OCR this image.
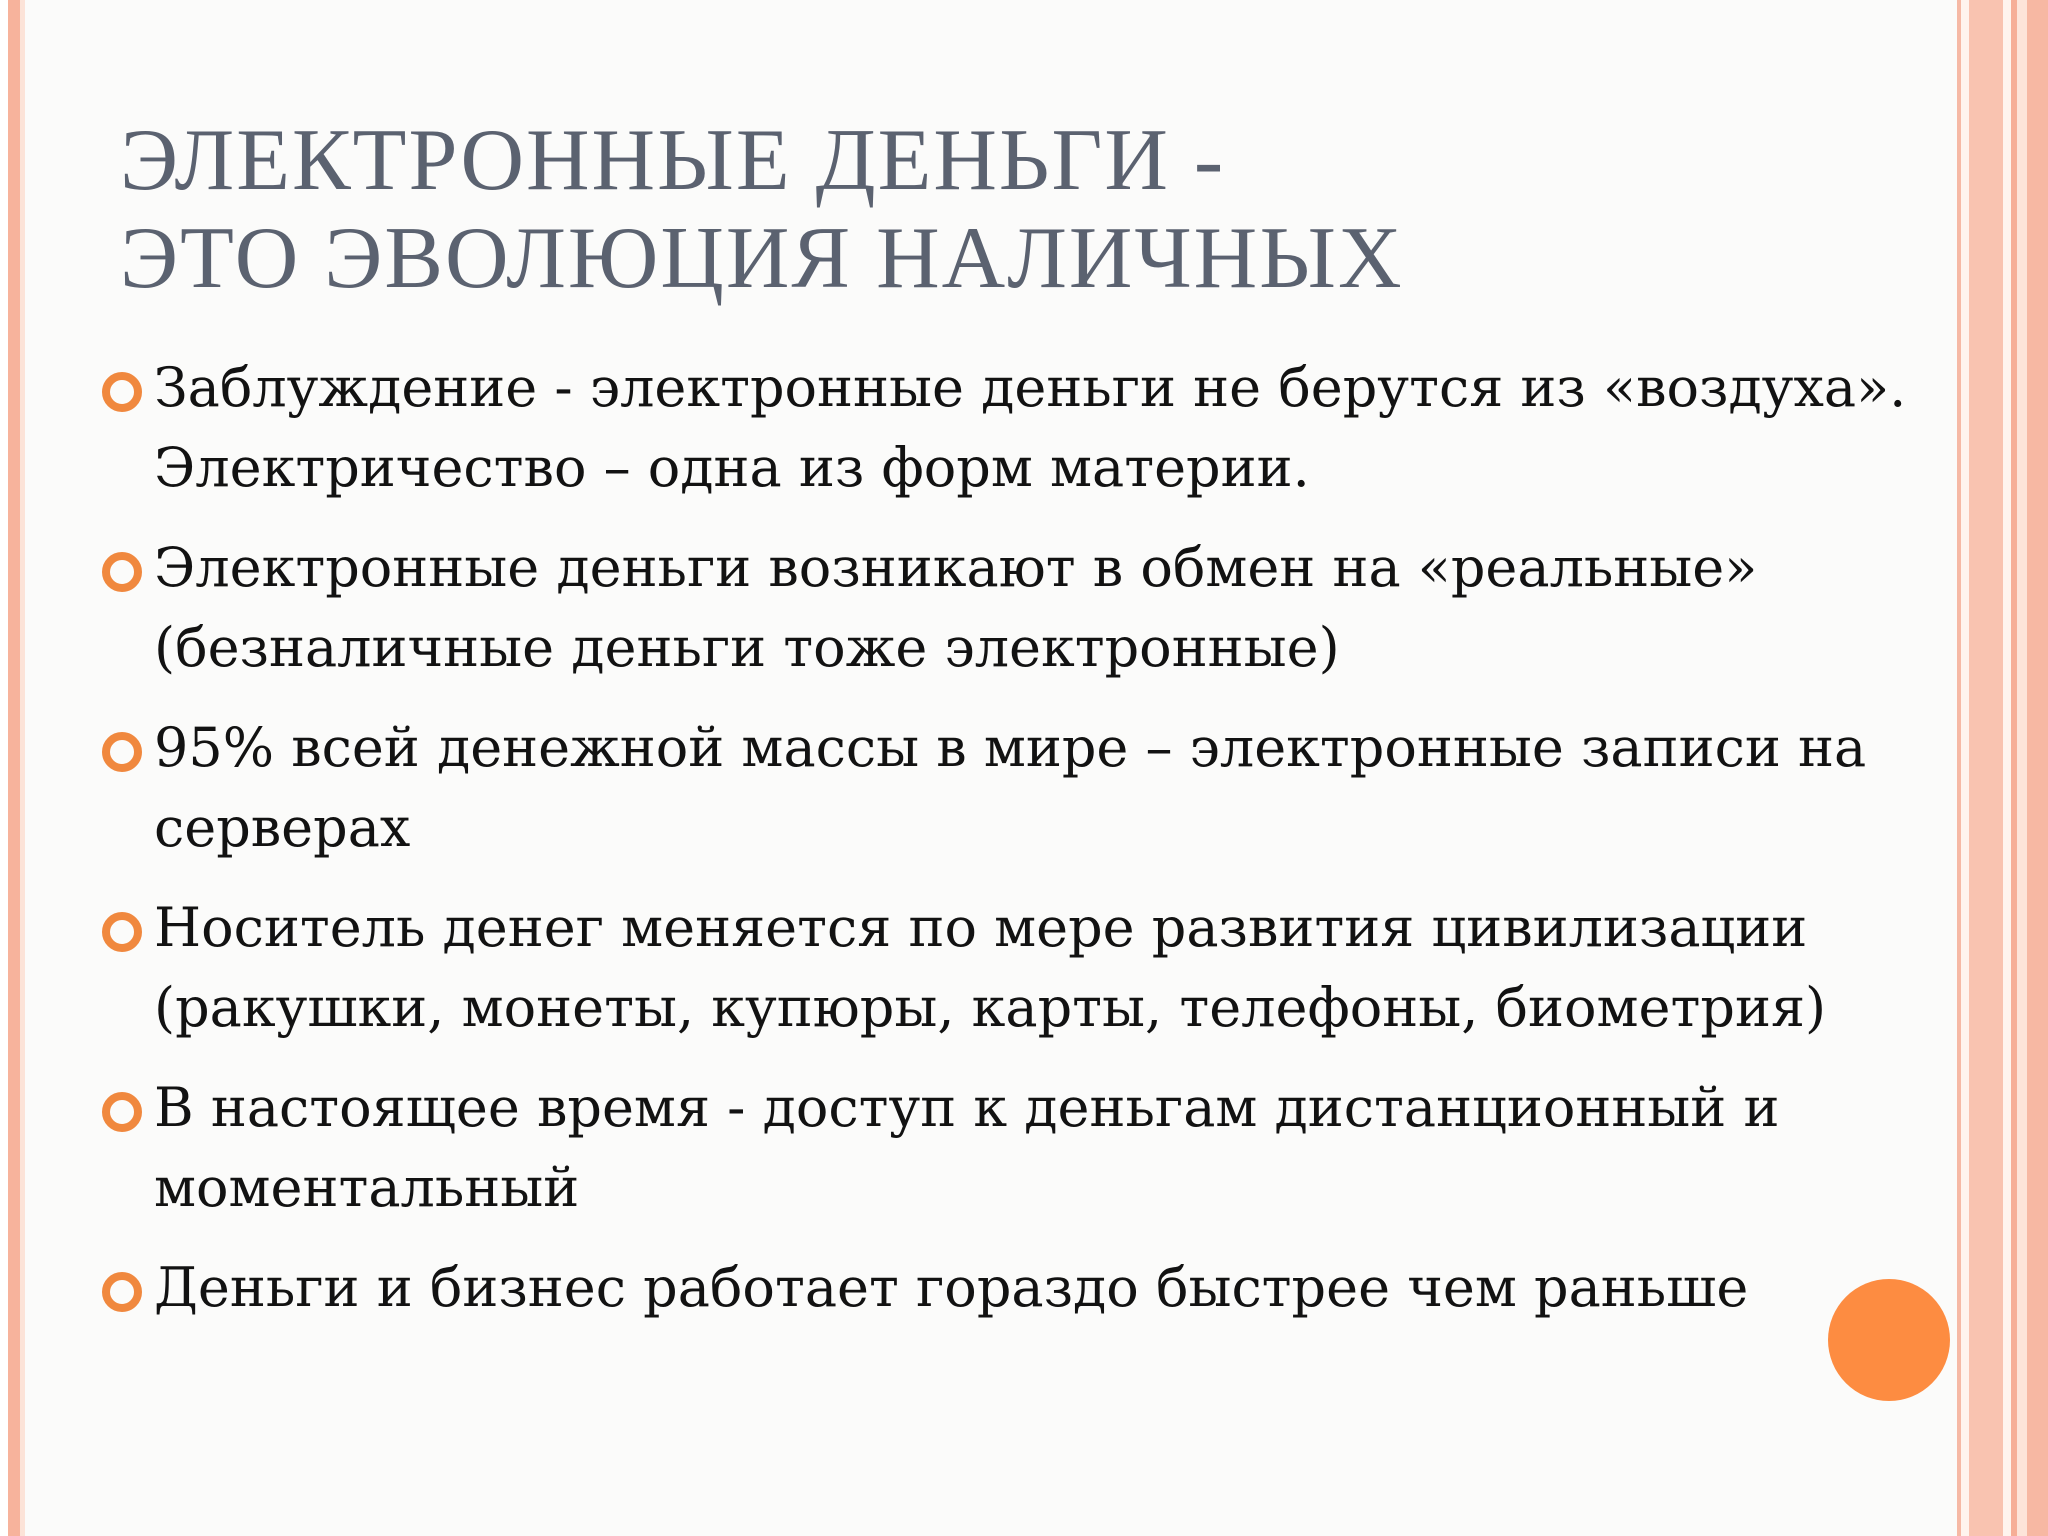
ЭЛЕКТРОННЫЕ ДЕНЬГИ -
ЭТО ЭВОЛЮЦИЯ НАЛИЧНЫХ
Заблуждение - электронные деньги не берутся из «воздуха». Электричество – одна из форм материи.
Электронные деньги возникают в обмен на «реальные» (безналичные деньги тоже электронные)
95% всей денежной массы в мире – электронные записи на серверах
Носитель денег меняется по мере развития цивилизации (ракушки, монеты, купюры, карты, телефоны, биометрия)
В настоящее время - доступ к деньгам дистанционный и моментальный
Деньги и бизнес работает гораздо быстрее чем раньше
